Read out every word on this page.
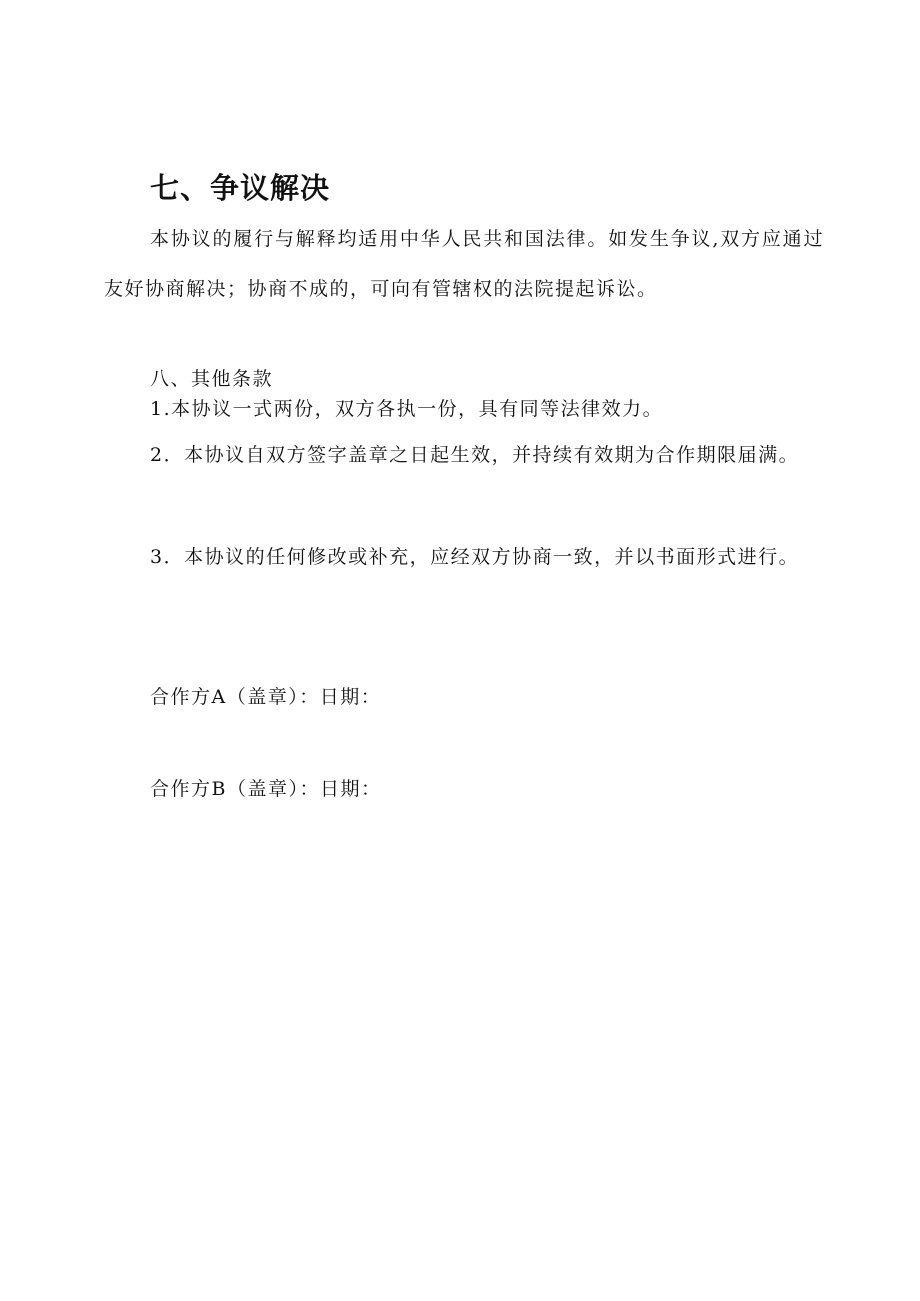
七、争议解决
本协议的履行与解释均适用中华人民共和国法律。如发生争议,双方应通过友好协商解决；协商不成的，可向有管辖权的法院提起诉讼。
八、其他条款
1.本协议一式两份，双方各执一份，具有同等法律效力。
2．本协议自双方签字盖章之日起生效，并持续有效期为合作期限届满。
3．本协议的任何修改或补充，应经双方协商一致，并以书面形式进行。
合作方A（盖章）：日期：
合作方B（盖章）：日期：
